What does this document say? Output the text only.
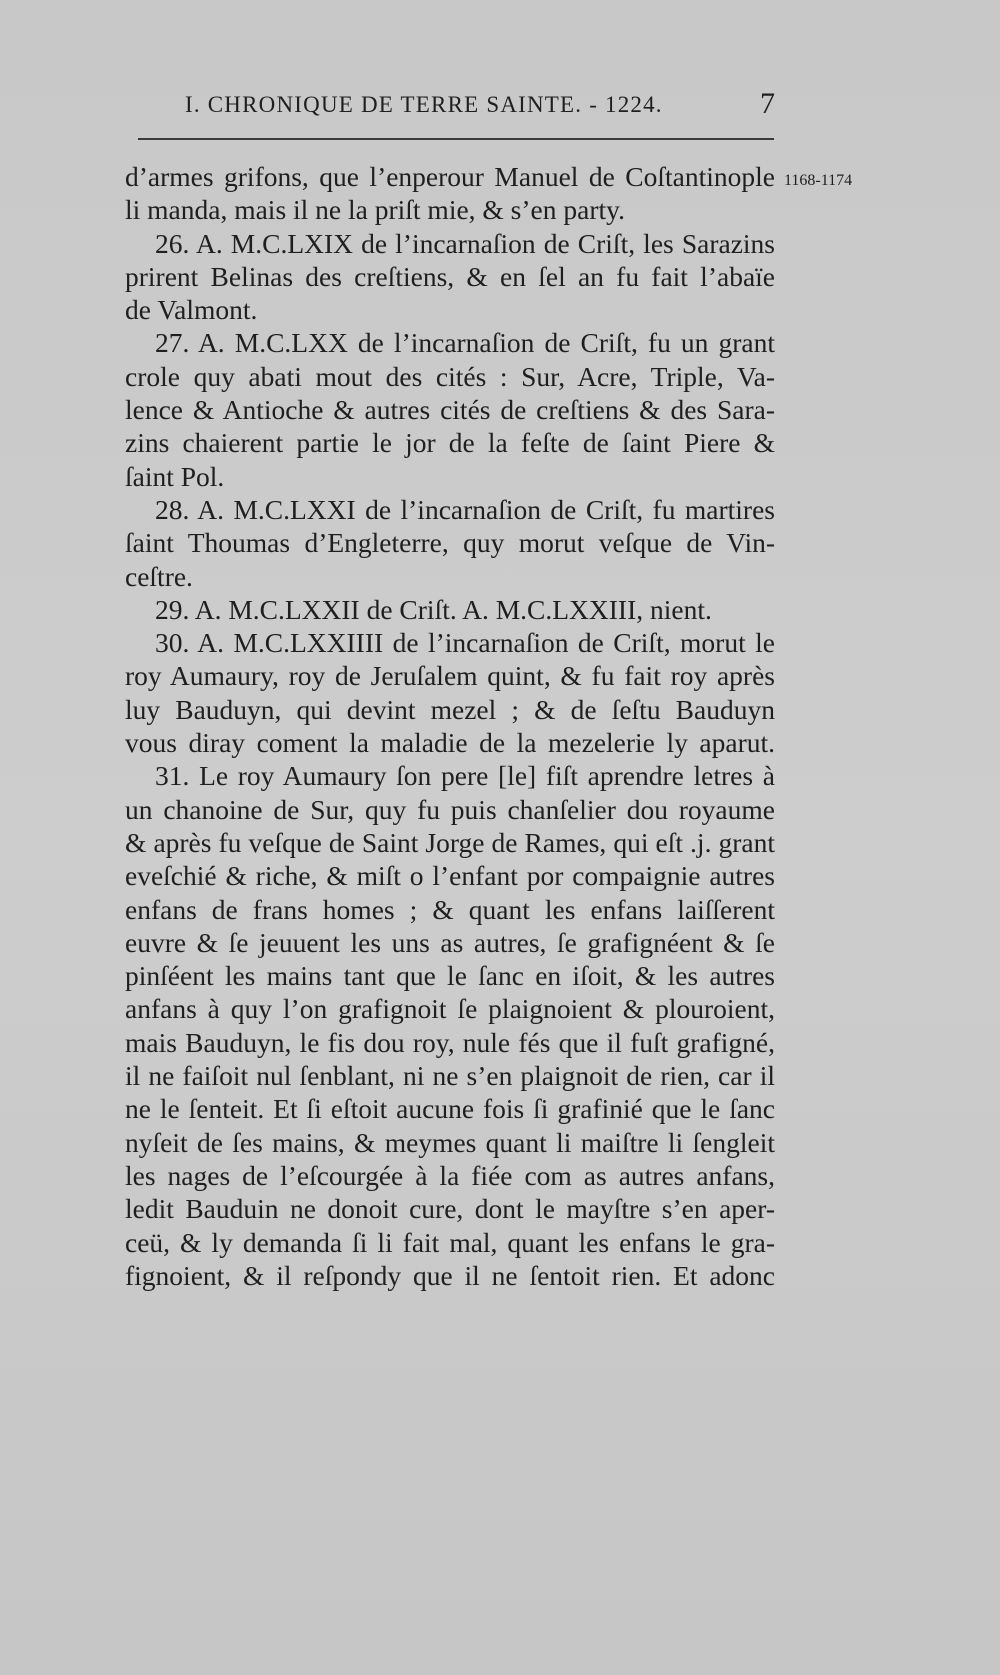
I. CHRONIQUE DE TERRE SAINTE. - 1224.	7
1168-1174
d’armes grifons, que l’enperour Manuel de Coſtantinople
li manda, mais il ne la priſt mie, & s’en party.
26. A. M.C.LXIX de l’incarnaſion de Criſt, les Sarazins
prirent Belinas des creſtiens, & en ſel an fu fait l’abaïe
de Valmont.
27. A. M.C.LXX de l’incarnaſion de Criſt, fu un grant
crole quy abati mout des cités : Sur, Acre, Triple, Va-
lence & Antioche & autres cités de creſtiens & des Sara-
zins chaierent partie le jor de la feſte de ſaint Piere &
ſaint Pol.
28. A. M.C.LXXI de l’incarnaſion de Criſt, fu martires
ſaint Thoumas d’Engleterre, quy morut veſque de Vin-
ceſtre.
29. A. M.C.LXXII de Criſt. A. M.C.LXXIII, nient.
30. A. M.C.LXXIIII de l’incarnaſion de Criſt, morut le
roy Aumaury, roy de Jeruſalem quint, & fu fait roy après
luy Bauduyn, qui devint mezel ; & de ſeſtu Bauduyn
vous diray coment la maladie de la mezelerie ly aparut.
31. Le roy Aumaury ſon pere [le] fiſt aprendre letres à
un chanoine de Sur, quy fu puis chanſelier dou royaume
& après fu veſque de Saint Jorge de Rames, qui eſt .j. grant
eveſchié & riche, & miſt o l’enfant por compaignie autres
enfans de frans homes ; & quant les enfans laiſſerent
euvre & ſe jeuuent les uns as autres, ſe grafignéent & ſe
pinſéent les mains tant que le ſanc en iſoit, & les autres
anfans à quy l’on grafignoit ſe plaignoient & plouroient,
mais Bauduyn, le fis dou roy, nule fés que il fuſt grafigné,
il ne faiſoit nul ſenblant, ni ne s’en plaignoit de rien, car il
ne le ſenteit. Et ſi eſtoit aucune fois ſi grafinié que le ſanc
nyſeit de ſes mains, & meymes quant li maiſtre li ſengleit
les nages de l’eſcourgée à la fiée com as autres anfans,
ledit Bauduin ne donoit cure, dont le mayſtre s’en aper-
ceü, & ly demanda ſi li fait mal, quant les enfans le gra-
fignoient, & il reſpondy que il ne ſentoit rien. Et adonc
